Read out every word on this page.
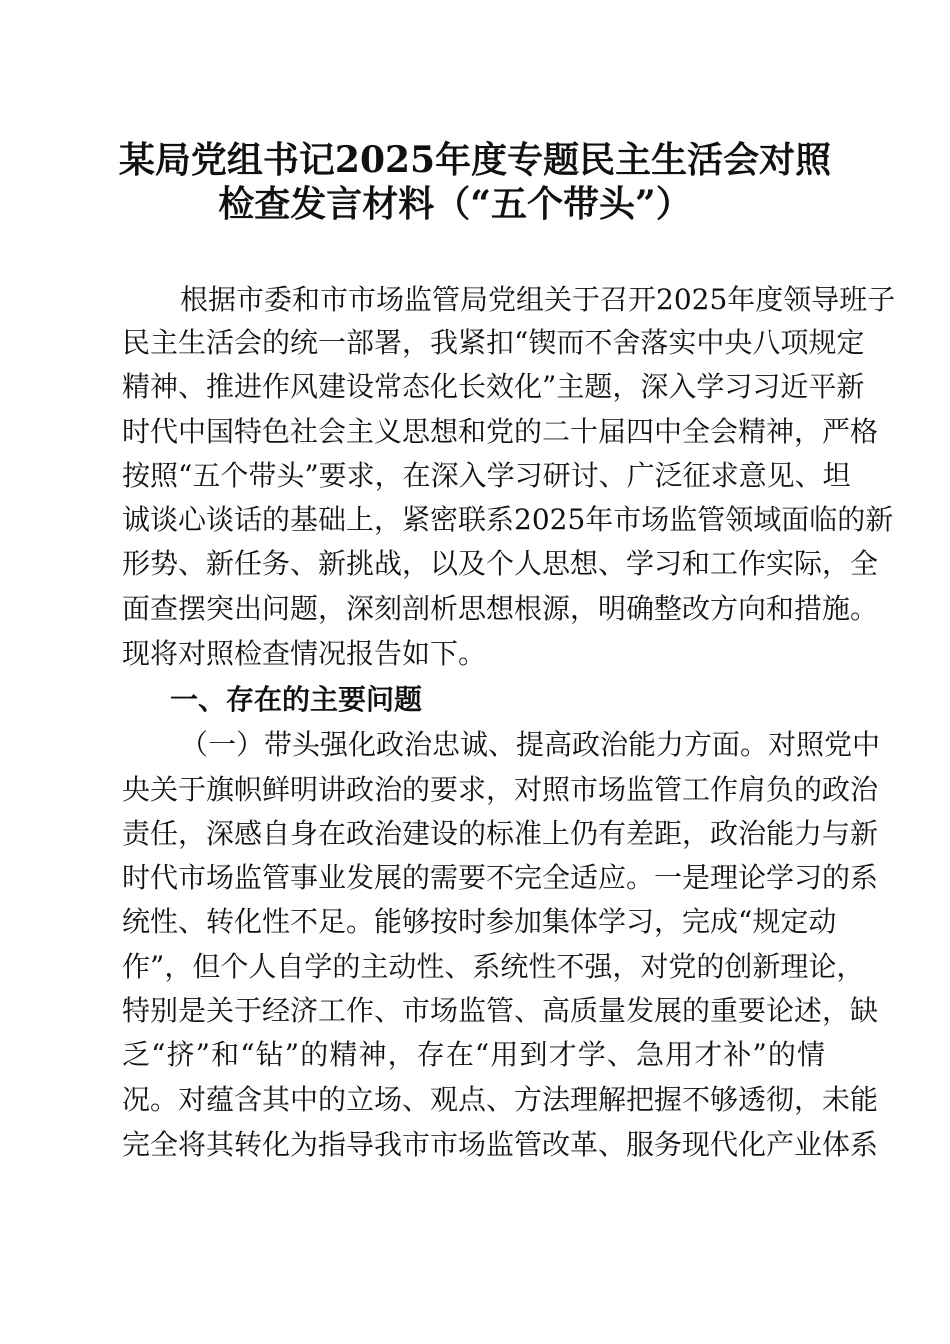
某局党组书记2025年度专题民主生活会对照
检查发言材料（“五个带头”）
根据市委和市市场监管局党组关于召开2025年度领导班子
民主生活会的统一部署，我紧扣“锲而不舍落实中央八项规定
精神、推进作风建设常态化长效化”主题，深入学习习近平新
时代中国特色社会主义思想和党的二十届四中全会精神，严格
按照“五个带头”要求，在深入学习研讨、广泛征求意见、坦
诚谈心谈话的基础上，紧密联系2025年市场监管领域面临的新
形势、新任务、新挑战，以及个人思想、学习和工作实际，全
面查摆突出问题，深刻剖析思想根源，明确整改方向和措施。
现将对照检查情况报告如下。
一、存在的主要问题
（一）带头强化政治忠诚、提高政治能力方面。对照党中
央关于旗帜鲜明讲政治的要求，对照市场监管工作肩负的政治
责任，深感自身在政治建设的标准上仍有差距，政治能力与新
时代市场监管事业发展的需要不完全适应。一是理论学习的系
统性、转化性不足。能够按时参加集体学习，完成“规定动
作”，但个人自学的主动性、系统性不强，对党的创新理论，
特别是关于经济工作、市场监管、高质量发展的重要论述，缺
乏“挤”和“钻”的精神，存在“用到才学、急用才补”的情
况。对蕴含其中的立场、观点、方法理解把握不够透彻，未能
完全将其转化为指导我市市场监管改革、服务现代化产业体系
